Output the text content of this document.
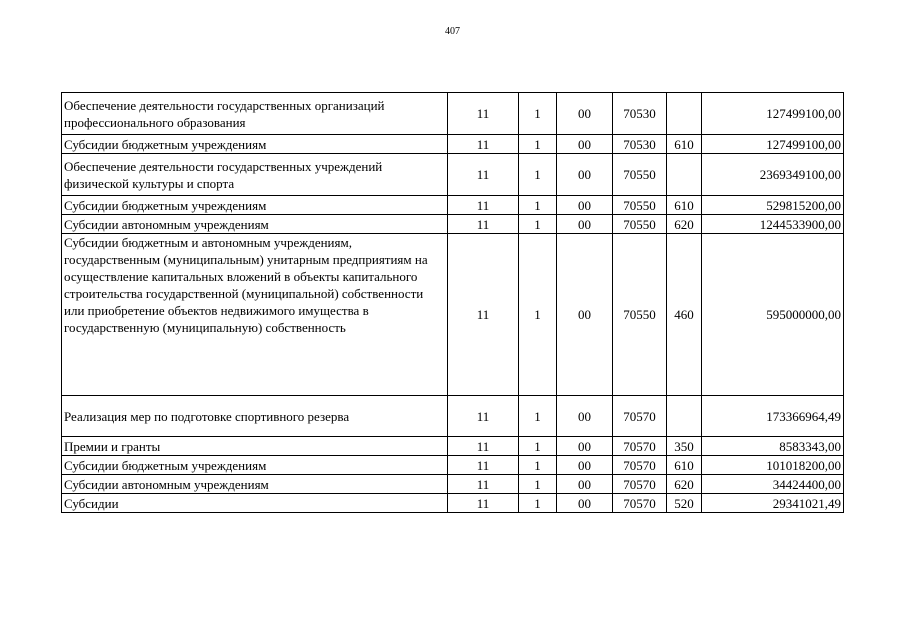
407
Обеспечение деятельности государственных организаций профессионального образования	11	1	00	70530		127499100,00
Субсидии бюджетным учреждениям	11	1	00	70530	610	127499100,00
Обеспечение деятельности государственных учреждений физической культуры и спорта	11	1	00	70550		2369349100,00
Субсидии бюджетным учреждениям	11	1	00	70550	610	529815200,00
Субсидии автономным учреждениям	11	1	00	70550	620	1244533900,00
Субсидии бюджетным и автономным учреждениям, государственным (муниципальным) унитарным предприятиям на осуществление капитальных вложений в объекты капитального строительства государственной (муниципальной) собственности или приобретение объектов недвижимого имущества в государственную (муниципальную) собственность	11	1	00	70550	460	595000000,00
Реализация мер по подготовке спортивного резерва	11	1	00	70570		173366964,49
Премии и гранты	11	1	00	70570	350	8583343,00
Субсидии бюджетным учреждениям	11	1	00	70570	610	101018200,00
Субсидии автономным учреждениям	11	1	00	70570	620	34424400,00
Субсидии	11	1	00	70570	520	29341021,49
